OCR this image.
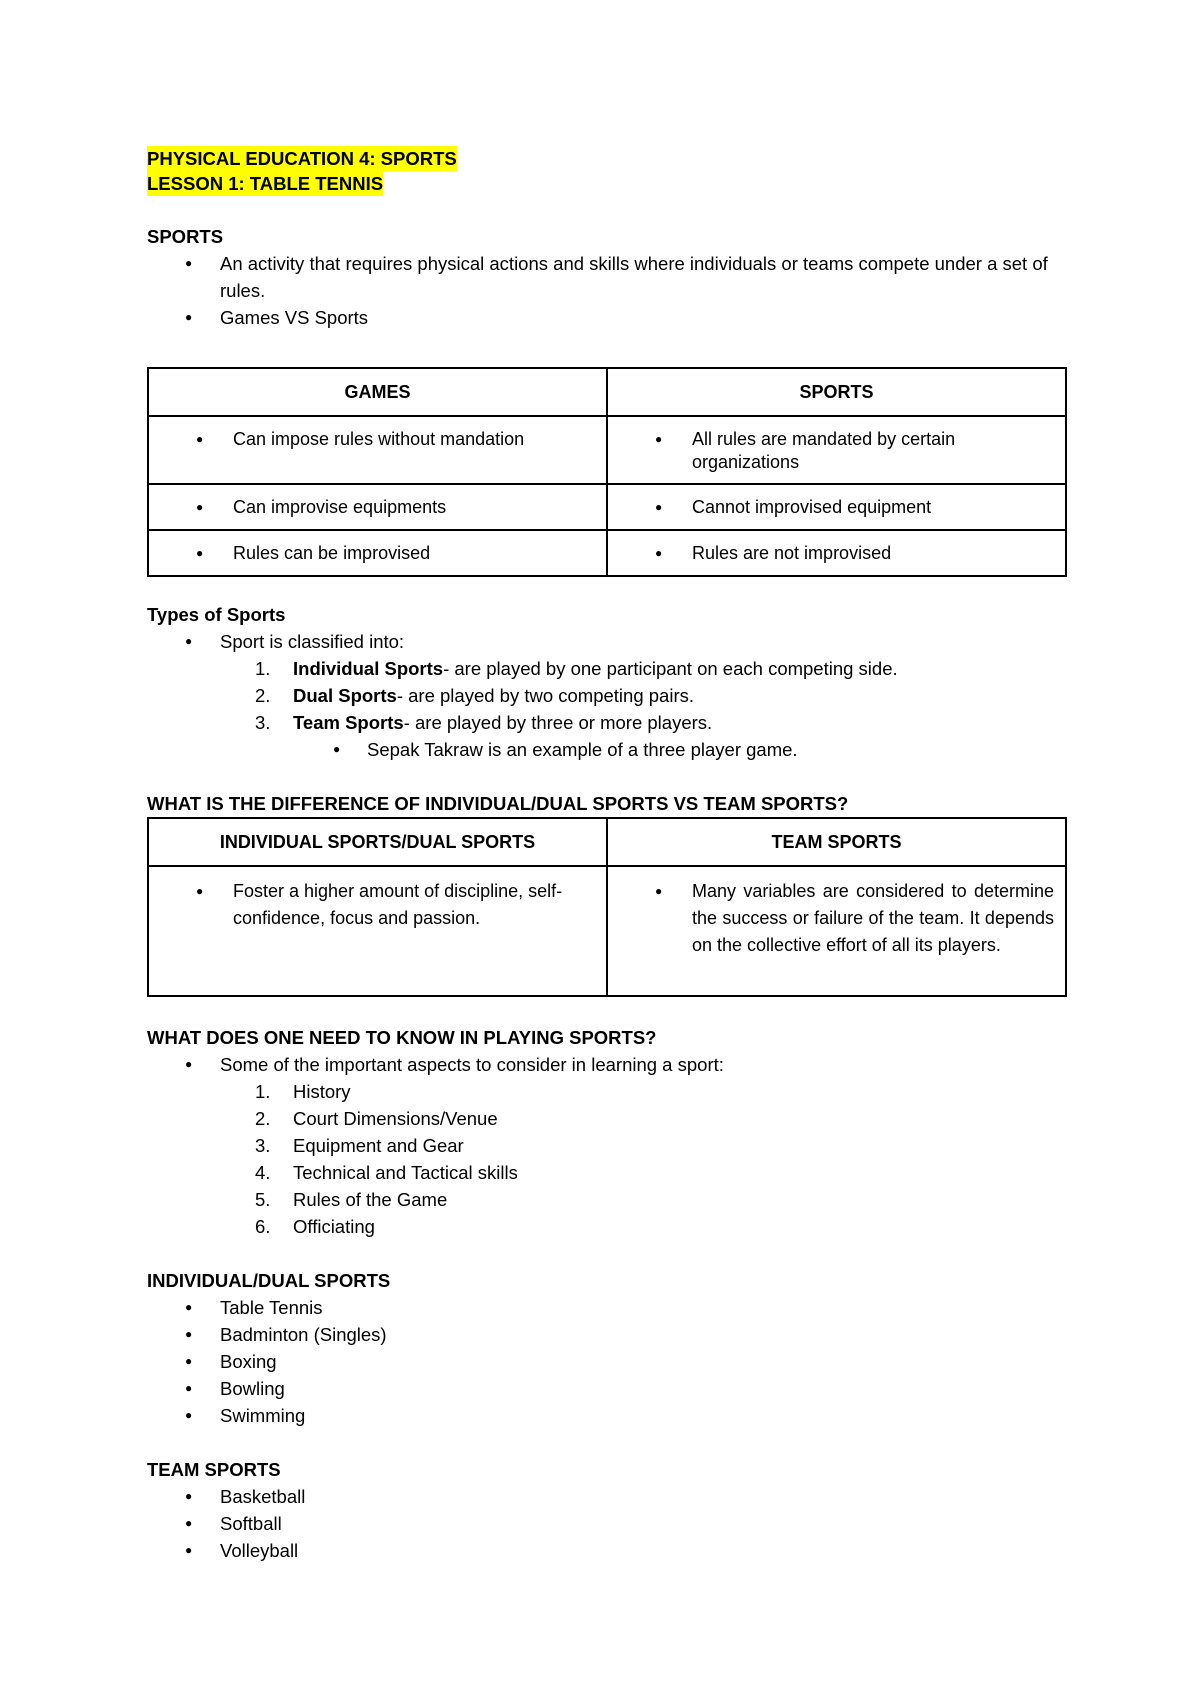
PHYSICAL EDUCATION 4: SPORTS
LESSON 1: TABLE TENNIS
SPORTS
● An activity that requires physical actions and skills where individuals or teams compete under a set of rules.
● Games VS Sports
GAMES	SPORTS

● Can impose rules without mandation	● All rules are mandated by certain organizations

● Can improvise equipments	● Cannot improvised equipment

● Rules can be improvised	● Rules are not improvised
Types of Sports
● Sport is classified into:
1. Individual Sports- are played by one participant on each competing side.
2. Dual Sports- are played by two competing pairs.
3. Team Sports- are played by three or more players.
● Sepak Takraw is an example of a three player game.
WHAT IS THE DIFFERENCE OF INDIVIDUAL/DUAL SPORTS VS TEAM SPORTS?
INDIVIDUAL SPORTS/DUAL SPORTS	TEAM SPORTS

● Foster a higher amount of discipline, self-confidence, focus and passion.	● Many variables are considered to determine the success or failure of the team. It depends on the collective effort of all its players.
WHAT DOES ONE NEED TO KNOW IN PLAYING SPORTS?
● Some of the important aspects to consider in learning a sport:
1. History
2. Court Dimensions/Venue
3. Equipment and Gear
4. Technical and Tactical skills
5. Rules of the Game
6. Officiating
INDIVIDUAL/DUAL SPORTS
● Table Tennis
● Badminton (Singles)
● Boxing
● Bowling
● Swimming
TEAM SPORTS
● Basketball
● Softball
● Volleyball
